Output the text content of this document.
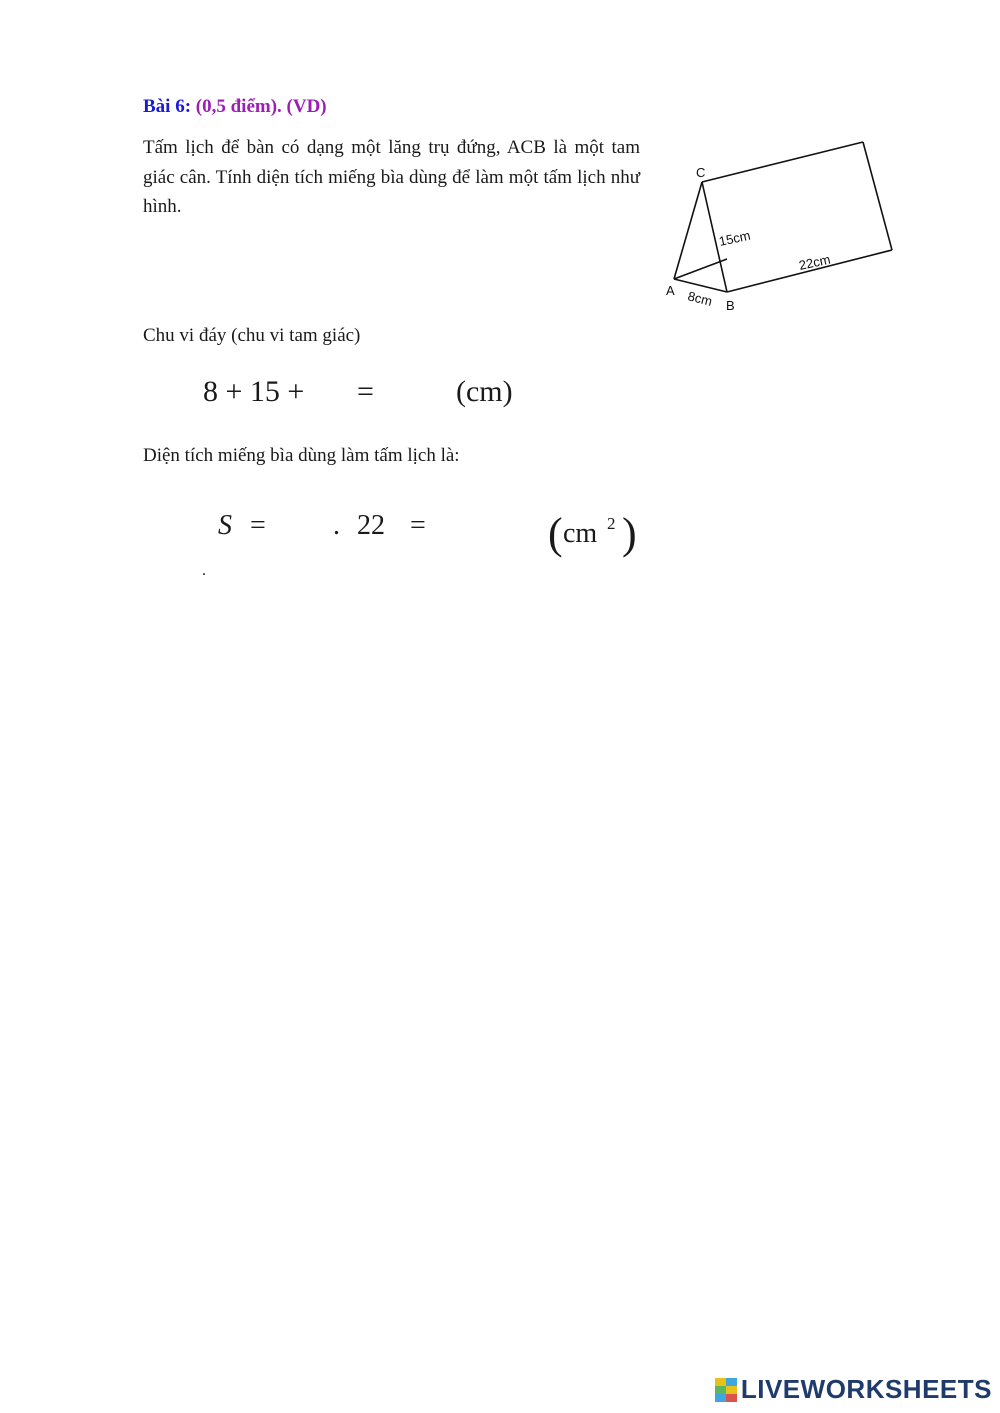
Bài 6: (0,5 điểm). (VD)

Tấm lịch để bàn có dạng một lăng trụ đứng, ACB là một tam giác cân. Tính diện tích miếng bìa dùng để làm một tấm lịch như hình.

C
A
B
15cm
22cm
8cm
Chu vi đáy (chu vi tam giác)
8 + 15 + =	(cm)
Diện tích miếng bìa dùng làm tấm lịch là:
S = . 22 =	( cm 2 )
.
LIVEWORKSHEETS
